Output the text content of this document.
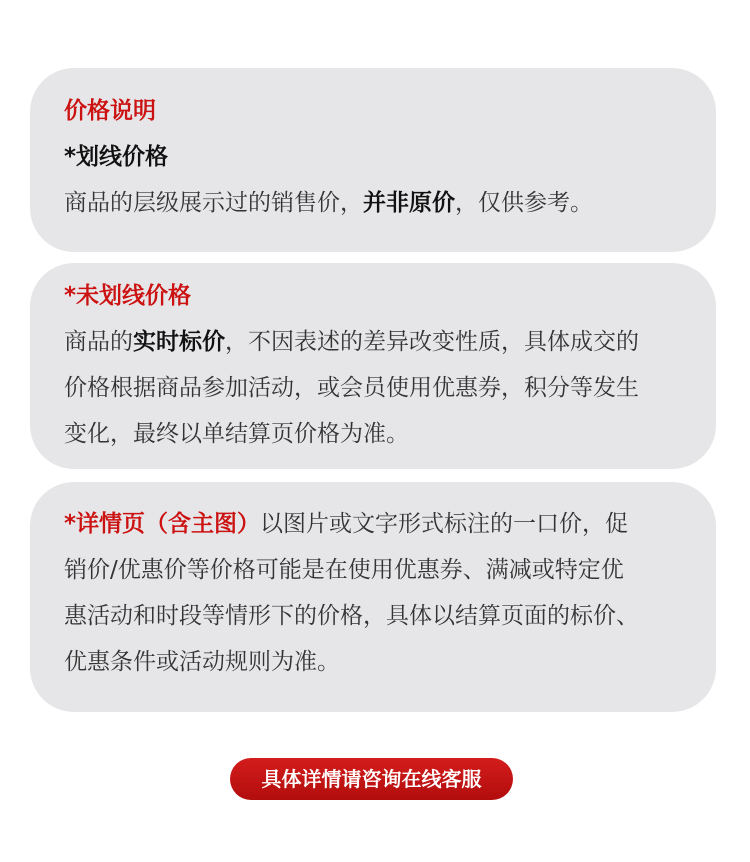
价格说明
*划线价格
商品的层级展示过的销售价，并非原价，仅供参考。
*未划线价格
商品的实时标价，不因表述的差异改变性质，具体成交的
价格根据商品参加活动，或会员使用优惠券，积分等发生
变化，最终以单结算页价格为准。
*详情页（含主图）以图片或文字形式标注的一口价，促
销价/优惠价等价格可能是在使用优惠券、满减或特定优
惠活动和时段等情形下的价格，具体以结算页面的标价、
优惠条件或活动规则为准。
具体详情请咨询在线客服
